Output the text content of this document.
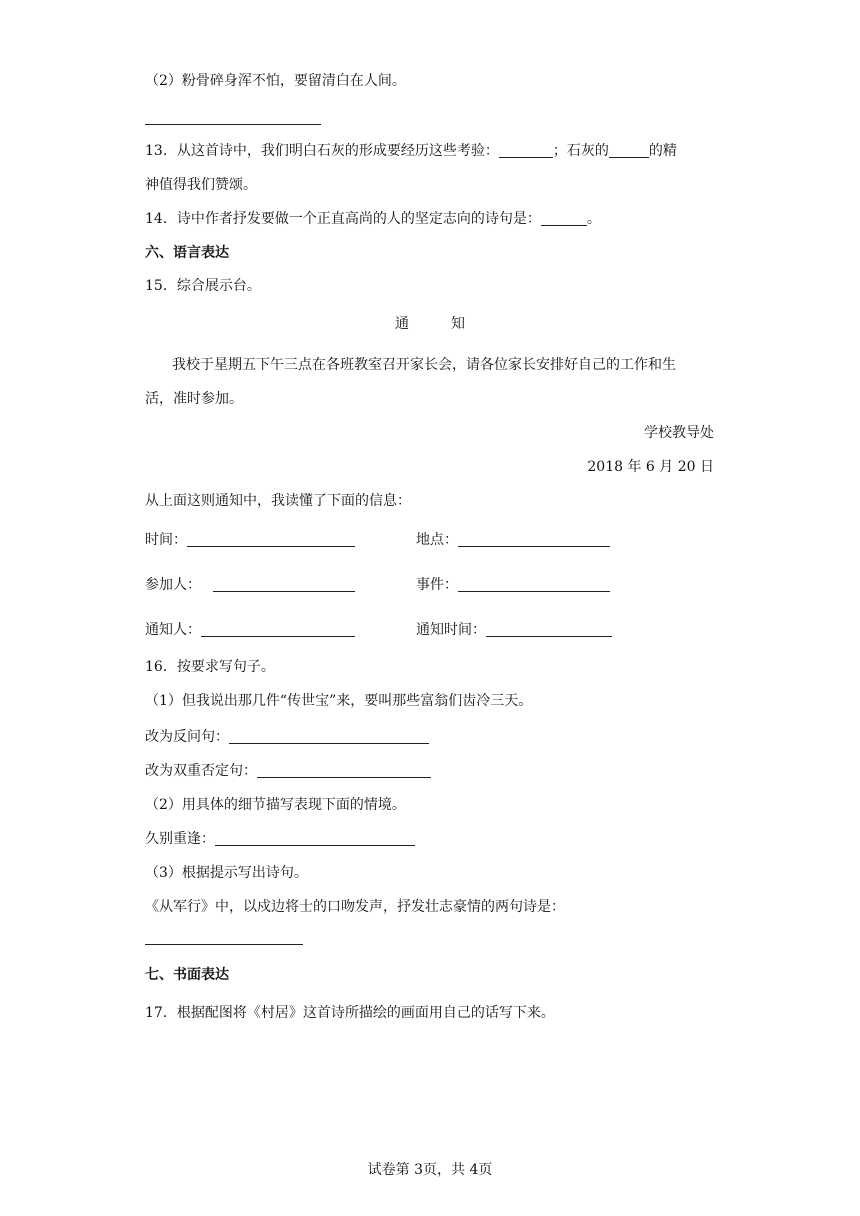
（2）粉骨碎身浑不怕，要留清白在人间。
13．从这首诗中，我们明白石灰的形成要经历这些考验：	；石灰的	的精
神值得我们赞颂。
14．诗中作者抒发要做一个正直高尚的人的坚定志向的诗句是：	。
六、语言表达
15．综合展示台。
通知
我校于星期五下午三点在各班教室召开家长会，请各位家长安排好自己的工作和生
活，准时参加。
学校教导处
2018 年 6 月 20 日
从上面这则通知中，我读懂了下面的信息：
时间：	地点：
参加人：	事件：
通知人：	通知时间：
16．按要求写句子。
（1）但我说出那几件“传世宝”来，要叫那些富翁们齿冷三天。
改为反问句：
改为双重否定句：
（2）用具体的细节描写表现下面的情境。
久别重逢：
（3）根据提示写出诗句。
《从军行》中，以戍边将士的口吻发声，抒发壮志豪情的两句诗是：
七、书面表达
17．根据配图将《村居》这首诗所描绘的画面用自己的话写下来。
试卷第 3页，共 4页
